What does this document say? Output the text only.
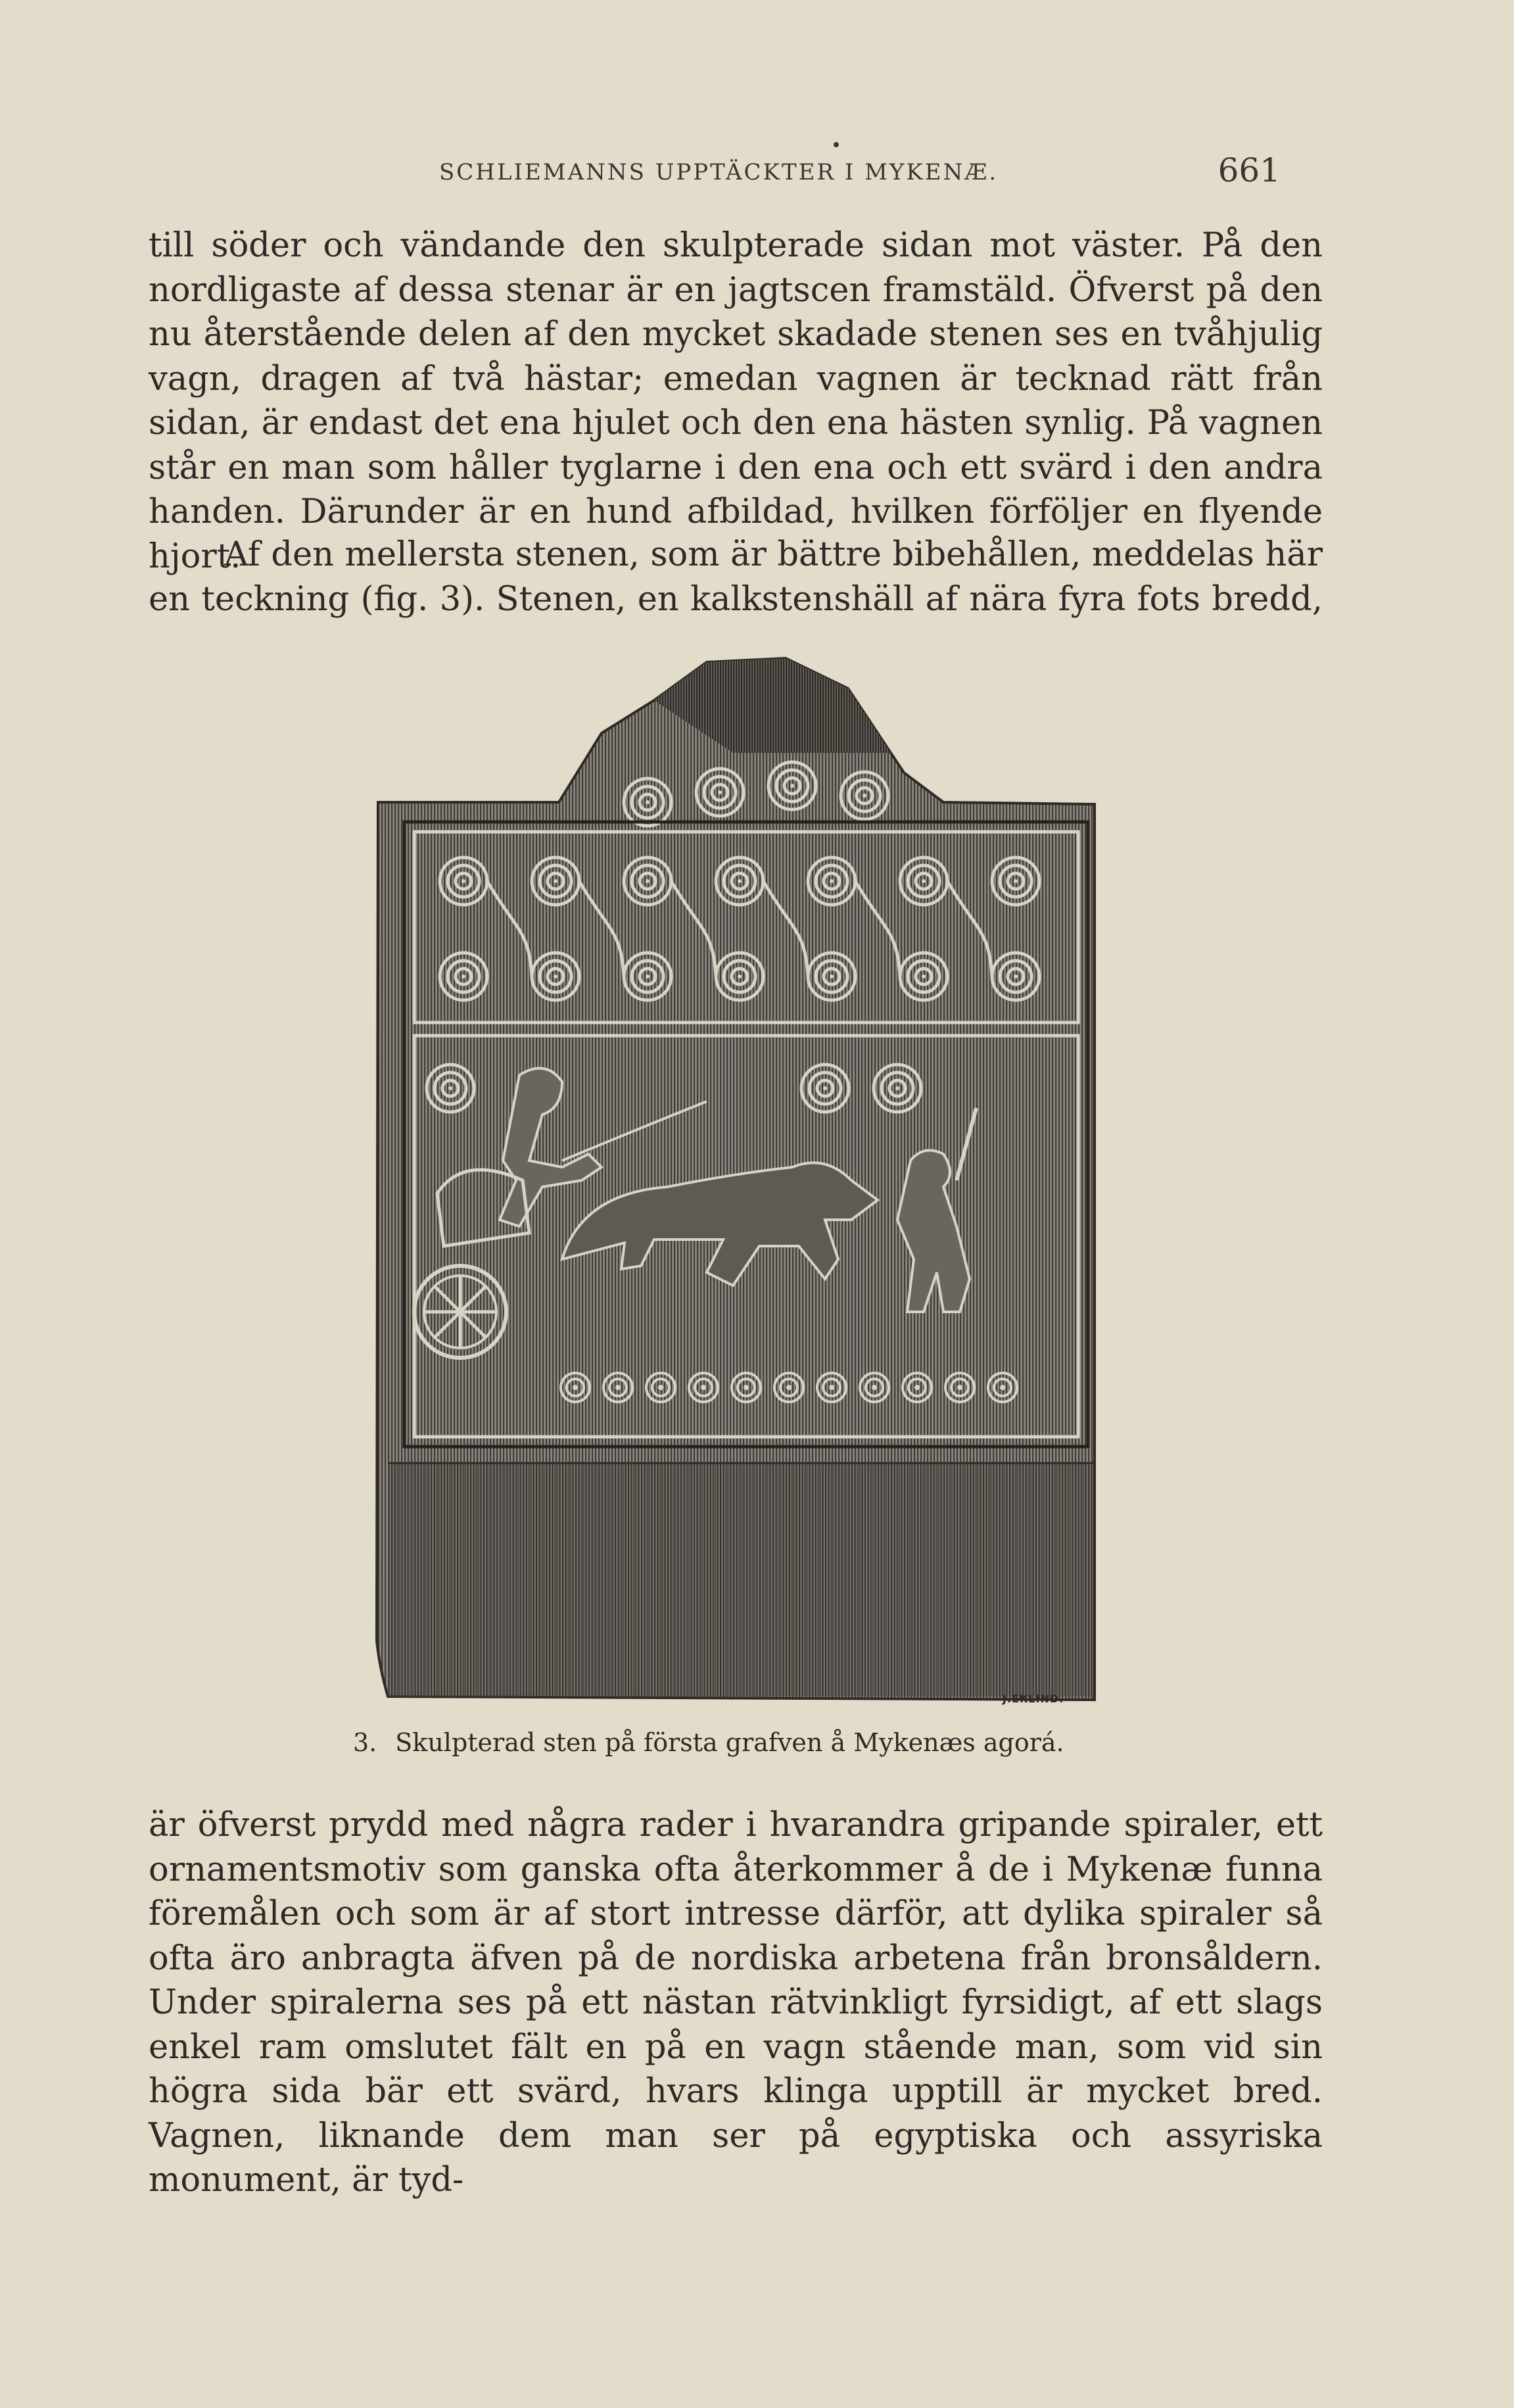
SCHLIEMANNS UPPTÄCKTER I MYKENÆ.	661

till söder och vändande den skulpterade sidan mot väster. På den nordligaste af dessa stenar är en jagtscen framstäld. Öfverst på den nu återstående delen af den mycket skadade stenen ses en tvåhjulig vagn, dragen af två hästar; emedan vagnen är tecknad rätt från sidan, är endast det ena hjulet och den ena hästen synlig. På vagnen står en man som håller tyglarne i den ena och ett svärd i den andra handen. Därunder är en hund afbildad, hvilken förföljer en flyende hjort.

Af den mellersta stenen, som är bättre bibehållen, meddelas här en teckning (fig. 3). Stenen, en kalkstenshäll af nära fyra fots bredd,

J.EKLIND.
3. Skulpterad sten på första grafven å Mykenæs agorá.

är öfverst prydd med några rader i hvarandra gripande spiraler, ett ornamentsmotiv som ganska ofta återkommer å de i Mykenæ funna föremålen och som är af stort intresse därför, att dylika spiraler så ofta äro anbragta äfven på de nordiska arbetena från bronsåldern. Under spiralerna ses på ett nästan rätvinkligt fyrsidigt, af ett slags enkel ram omslutet fält en på en vagn stående man, som vid sin högra sida bär ett svärd, hvars klinga upptill är mycket bred. Vagnen, liknande dem man ser på egyptiska och assyriska monument, är tyd-
